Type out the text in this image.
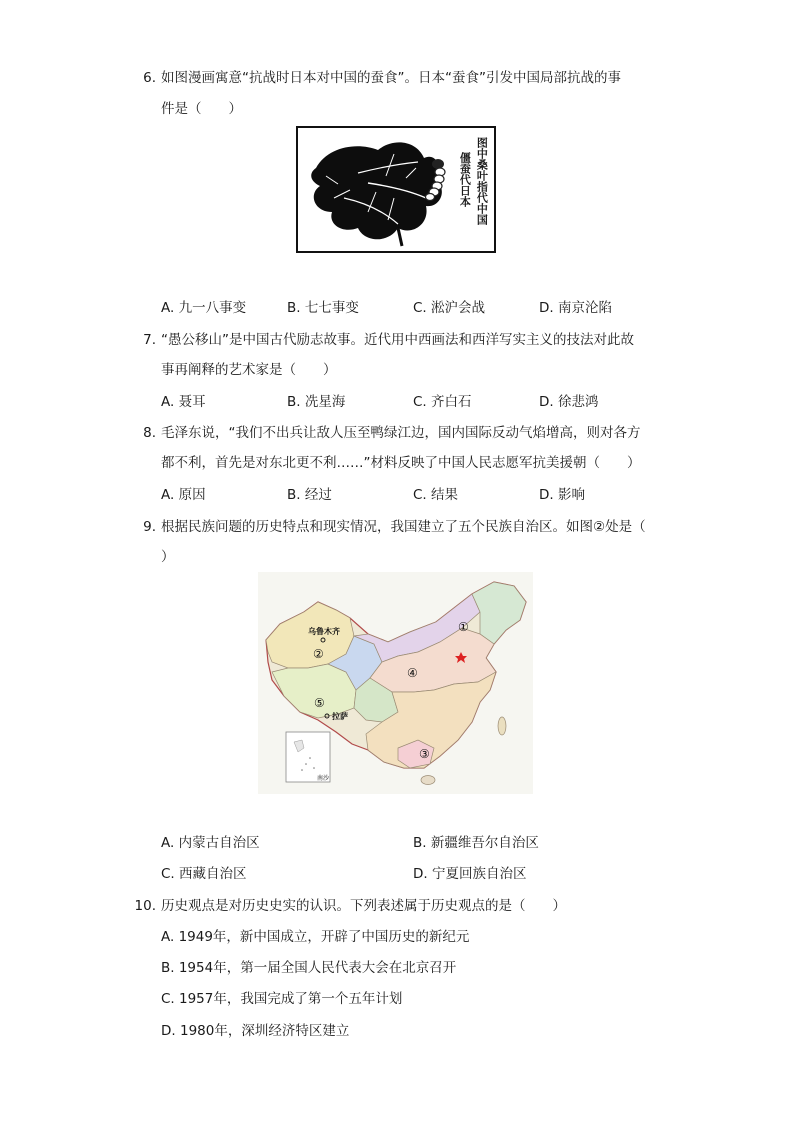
6. 如图漫画寓意“抗战时日本对中国的蚕食”。日本“蚕食”引发中国局部抗战的事
件是（　　）
图中桑叶指代中国
僵蚕代日本
A. 九一八事变	B. 七七事变	C. 淞沪会战	D. 南京沦陷
7. “愚公移山”是中国古代励志故事。近代用中西画法和西洋写实主义的技法对此故
事再阐释的艺术家是（　　）
A. 聂耳	B. 冼星海	C. 齐白石	D. 徐悲鸿
8. 毛泽东说，“我们不出兵让敌人压至鸭绿江边，国内国际反动气焰增高，则对各方
都不利，首先是对东北更不利……”材料反映了中国人民志愿军抗美援朝（　　）
A. 原因	B. 经过	C. 结果	D. 影响
9. 根据民族问题的历史特点和现实情况，我国建立了五个民族自治区。如图②处是（
）
乌鲁木齐
拉萨
①
②
③
④
⑤
南沙
A. 内蒙古自治区	B. 新疆维吾尔自治区
C. 西藏自治区	D. 宁夏回族自治区
10. 历史观点是对历史史实的认识。下列表述属于历史观点的是（　　）
A. 1949年，新中国成立，开辟了中国历史的新纪元
B. 1954年，第一届全国人民代表大会在北京召开
C. 1957年，我国完成了第一个五年计划
D. 1980年，深圳经济特区建立
